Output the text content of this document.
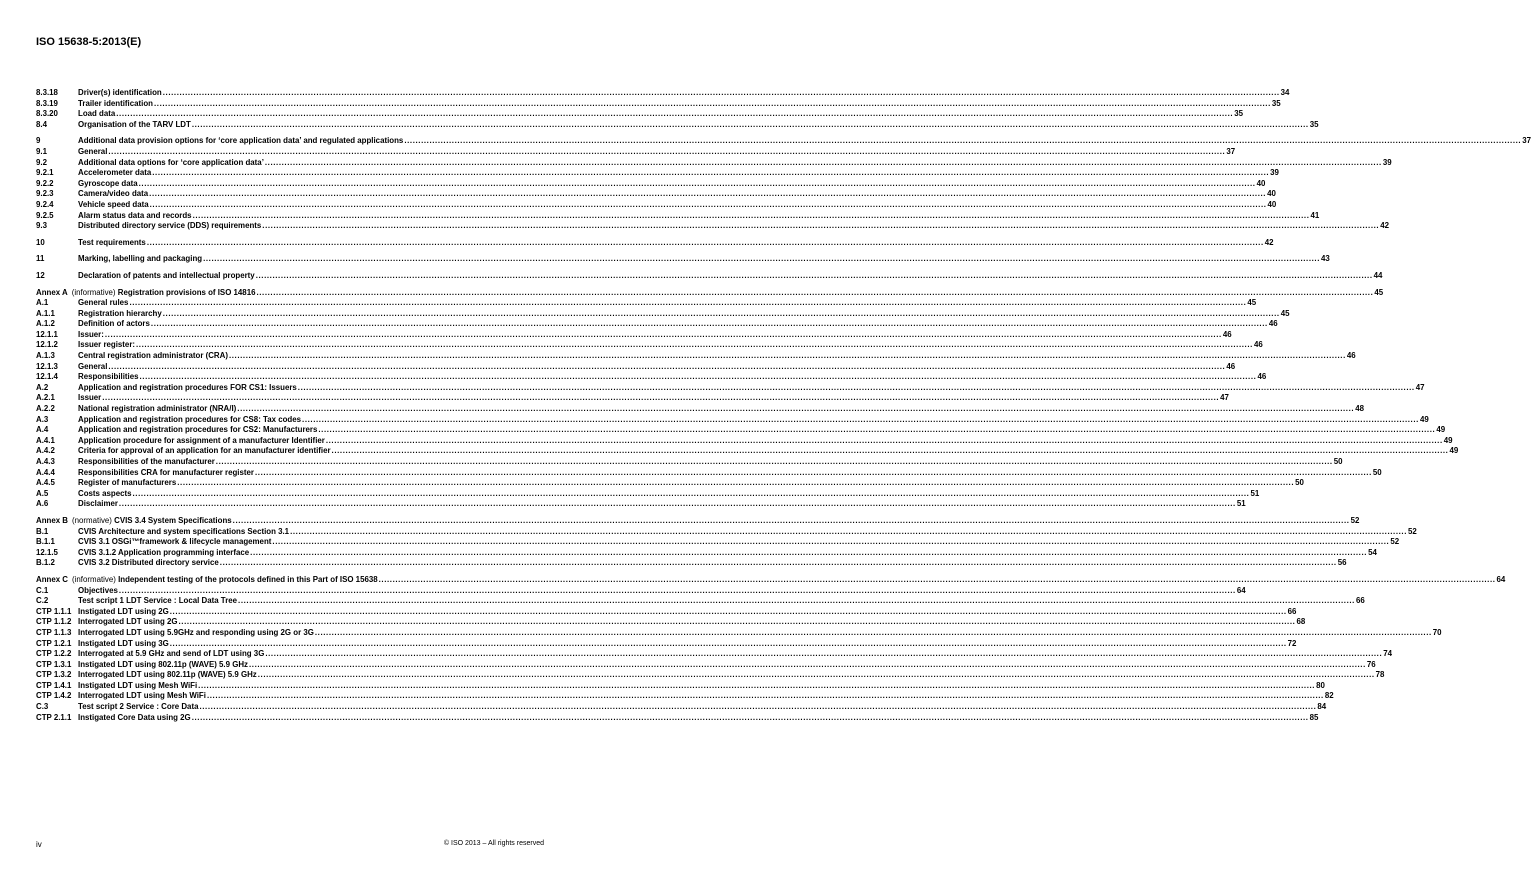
ISO 15638-5:2013(E)
8.3.18	Driver(s) identification ................................................................................................................................................................................................................................................................................................................................................................................................................ 34
8.3.19	Trailer identification ................................................................................................................................................................................................................................................................................................................................................................................................................ 35
8.3.20	Load data ................................................................................................................................................................................................................................................................................................................................................................................................................ 35
8.4	Organisation of the TARV LDT ................................................................................................................................................................................................................................................................................................................................................................................................................ 35
9	Additional data provision options for ‘core application data’ and regulated applications ................................................................................................................................................................................................................................................................................................................................................................................................................ 37
9.1	General ................................................................................................................................................................................................................................................................................................................................................................................................................ 37
9.2	Additional data options for ‘core application data’ ................................................................................................................................................................................................................................................................................................................................................................................................................ 39
9.2.1	Accelerometer data ................................................................................................................................................................................................................................................................................................................................................................................................................ 39
9.2.2	Gyroscope data ................................................................................................................................................................................................................................................................................................................................................................................................................ 40
9.2.3	Camera/video data ................................................................................................................................................................................................................................................................................................................................................................................................................ 40
9.2.4	Vehicle speed data ................................................................................................................................................................................................................................................................................................................................................................................................................ 40
9.2.5	Alarm status data and records ................................................................................................................................................................................................................................................................................................................................................................................................................ 41
9.3	Distributed directory service (DDS) requirements ................................................................................................................................................................................................................................................................................................................................................................................................................ 42
10	Test requirements ................................................................................................................................................................................................................................................................................................................................................................................................................ 42
11	Marking, labelling and packaging ................................................................................................................................................................................................................................................................................................................................................................................................................ 43
12	Declaration of patents and intellectual property ................................................................................................................................................................................................................................................................................................................................................................................................................ 44
Annex A (informative) Registration provisions of ISO 14816 ................................................................................................................................................................................................................................................................................................................................................................................................................ 45
A.1	General rules ................................................................................................................................................................................................................................................................................................................................................................................................................ 45
A.1.1	Registration hierarchy ................................................................................................................................................................................................................................................................................................................................................................................................................ 45
A.1.2	Definition of actors ................................................................................................................................................................................................................................................................................................................................................................................................................ 46
12.1.1	Issuer: ................................................................................................................................................................................................................................................................................................................................................................................................................ 46
12.1.2	Issuer register: ................................................................................................................................................................................................................................................................................................................................................................................................................ 46
A.1.3	Central registration administrator (CRA) ................................................................................................................................................................................................................................................................................................................................................................................................................ 46
12.1.3	General ................................................................................................................................................................................................................................................................................................................................................................................................................ 46
12.1.4	Responsibilities ................................................................................................................................................................................................................................................................................................................................................................................................................ 46
A.2	Application and registration procedures FOR CS1: Issuers ................................................................................................................................................................................................................................................................................................................................................................................................................ 47
A.2.1	Issuer ................................................................................................................................................................................................................................................................................................................................................................................................................ 47
A.2.2	National registration administrator (NRA/I) ................................................................................................................................................................................................................................................................................................................................................................................................................ 48
A.3	Application and registration procedures for CS8: Tax codes ................................................................................................................................................................................................................................................................................................................................................................................................................ 49
A.4	Application and registration procedures for CS2: Manufacturers ................................................................................................................................................................................................................................................................................................................................................................................................................ 49
A.4.1	Application procedure for assignment of a manufacturer Identifier ................................................................................................................................................................................................................................................................................................................................................................................................................ 49
A.4.2	Criteria for approval of an application for an manufacturer identifier ................................................................................................................................................................................................................................................................................................................................................................................................................ 49
A.4.3	Responsibilities of the manufacturer ................................................................................................................................................................................................................................................................................................................................................................................................................ 50
A.4.4	Responsibilities CRA for manufacturer register ................................................................................................................................................................................................................................................................................................................................................................................................................ 50
A.4.5	Register of manufacturers ................................................................................................................................................................................................................................................................................................................................................................................................................ 50
A.5	Costs aspects ................................................................................................................................................................................................................................................................................................................................................................................................................ 51
A.6	Disclaimer ................................................................................................................................................................................................................................................................................................................................................................................................................ 51
Annex B (normative) CVIS 3.4 System Specifications ................................................................................................................................................................................................................................................................................................................................................................................................................ 52
B.1	CVIS Architecture and system specifications Section 3.1 ................................................................................................................................................................................................................................................................................................................................................................................................................ 52
B.1.1	CVIS 3.1 OSGi™framework & lifecycle management ................................................................................................................................................................................................................................................................................................................................................................................................................ 52
12.1.5	CVIS 3.1.2 Application programming interface ................................................................................................................................................................................................................................................................................................................................................................................................................ 54
B.1.2	CVIS 3.2 Distributed directory service ................................................................................................................................................................................................................................................................................................................................................................................................................ 56
Annex C (informative) Independent testing of the protocols defined in this Part of ISO 15638 ................................................................................................................................................................................................................................................................................................................................................................................................................ 64
C.1	Objectives ................................................................................................................................................................................................................................................................................................................................................................................................................ 64
C.2	Test script 1 LDT Service : Local Data Tree ................................................................................................................................................................................................................................................................................................................................................................................................................ 66
CTP 1.1.1 Instigated LDT using 2G ................................................................................................................................................................................................................................................................................................................................................................................................................ 66
CTP 1.1.2 Interrogated LDT using 2G ................................................................................................................................................................................................................................................................................................................................................................................................................ 68
CTP 1.1.3 Interrogated LDT using 5.9GHz and responding using 2G or 3G ................................................................................................................................................................................................................................................................................................................................................................................................................ 70
CTP 1.2.1 Instigated LDT using 3G ................................................................................................................................................................................................................................................................................................................................................................................................................ 72
CTP 1.2.2 Interrogated at 5.9 GHz and send of LDT using 3G ................................................................................................................................................................................................................................................................................................................................................................................................................ 74
CTP 1.3.1 Instigated LDT using 802.11p (WAVE) 5.9 GHz ................................................................................................................................................................................................................................................................................................................................................................................................................ 76
CTP 1.3.2 Interrogated LDT using 802.11p (WAVE) 5.9 GHz ................................................................................................................................................................................................................................................................................................................................................................................................................ 78
CTP 1.4.1 Instigated LDT using Mesh WiFi ................................................................................................................................................................................................................................................................................................................................................................................................................ 80
CTP 1.4.2 Interrogated LDT using Mesh WiFi ................................................................................................................................................................................................................................................................................................................................................................................................................ 82
C.3	Test script 2 Service : Core Data ................................................................................................................................................................................................................................................................................................................................................................................................................ 84
CTP 2.1.1 Instigated Core Data using 2G ................................................................................................................................................................................................................................................................................................................................................................................................................ 85
iv	© ISO 2013 – All rights reserved
